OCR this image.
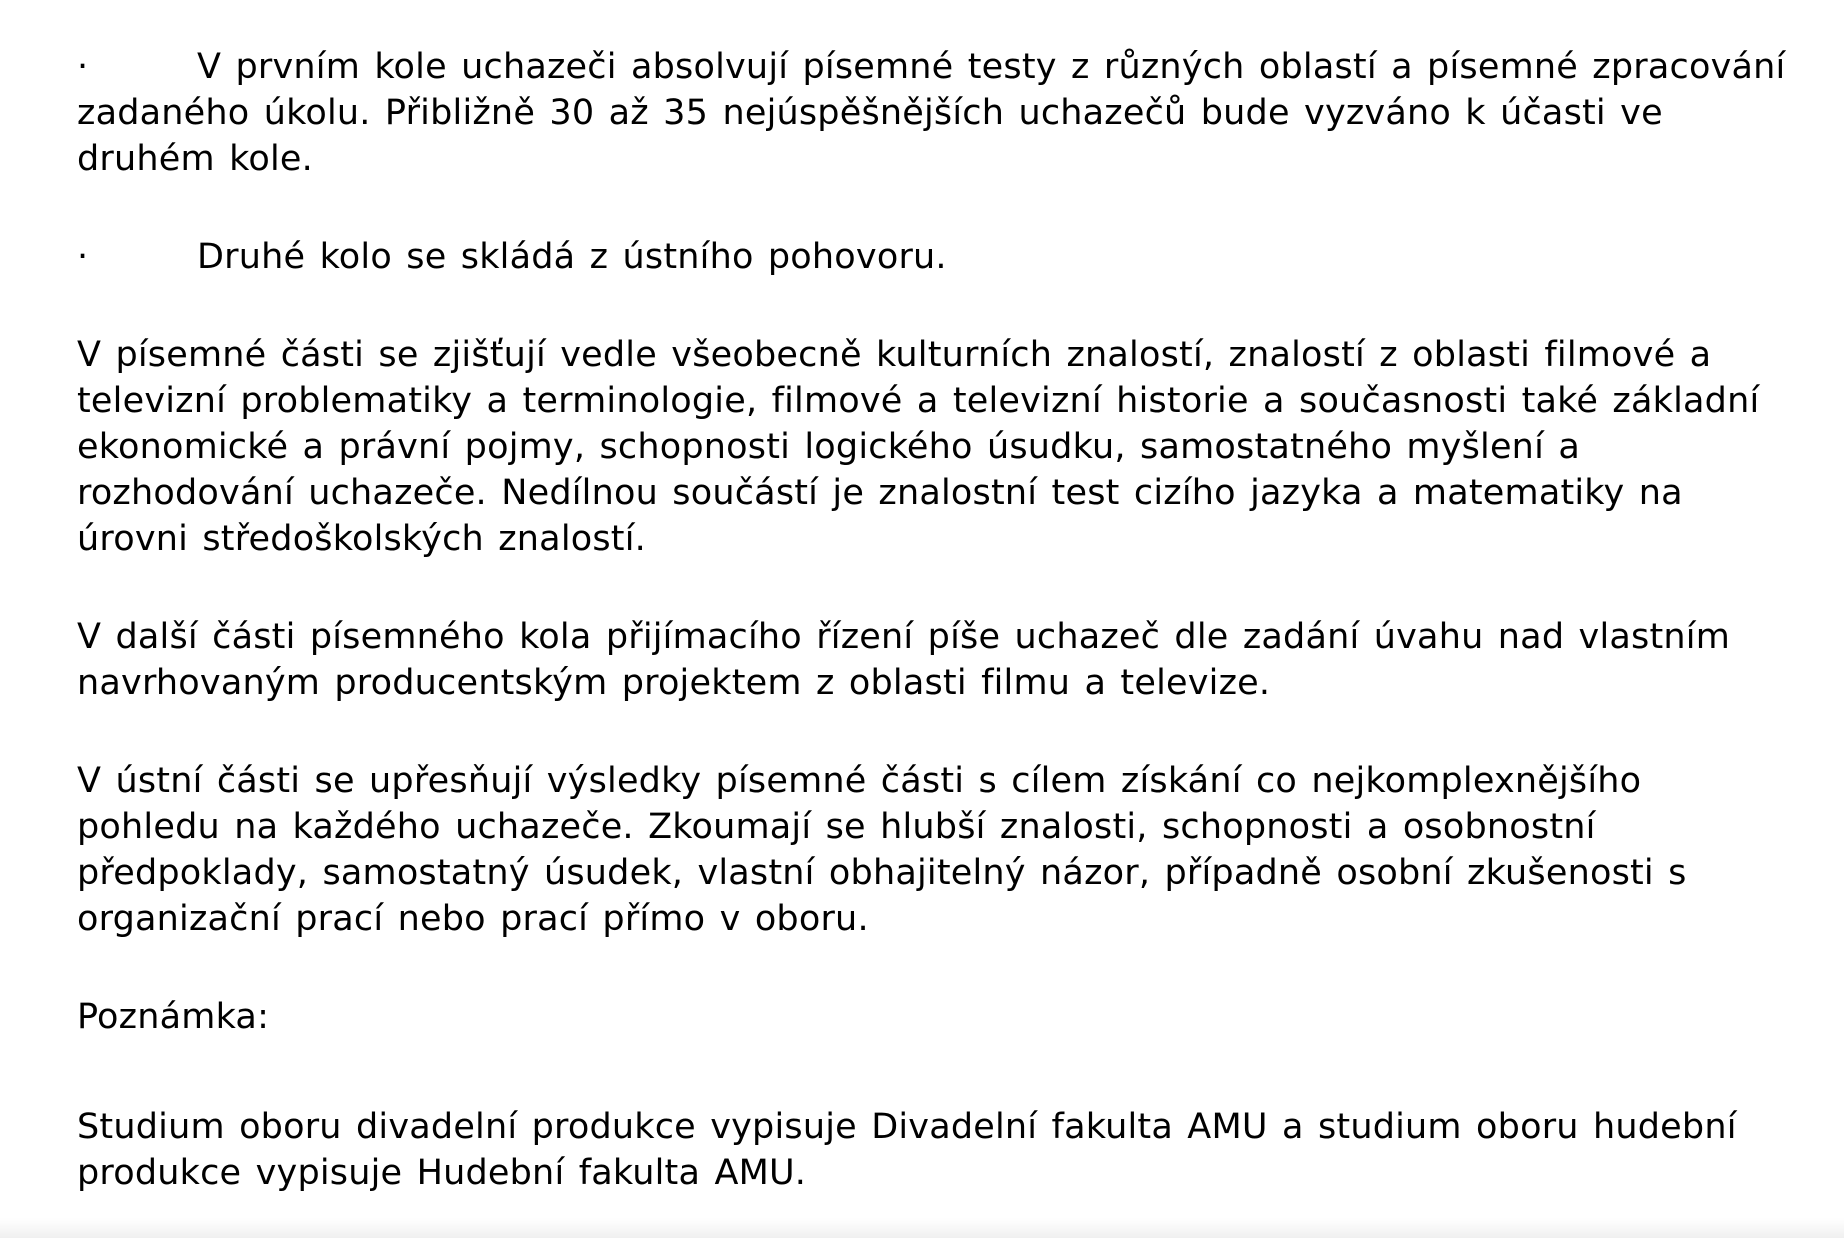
·	V prvním kole uchazeči absolvují písemné testy z různých oblastí a písemné zpracování zadaného úkolu. Přibližně 30 až 35 nejúspěšnějších uchazečů bude vyzváno k účasti ve druhém kole.

·	Druhé kolo se skládá z ústního pohovoru.

V písemné části se zjišťují vedle všeobecně kulturních znalostí, znalostí z oblasti filmové a televizní problematiky a terminologie, filmové a televizní historie a současnosti také základní ekonomické a právní pojmy, schopnosti logického úsudku, samostatného myšlení a rozhodování uchazeče. Nedílnou součástí je znalostní test cizího jazyka a matematiky na úrovni středoškolských znalostí.

V další části písemného kola přijímacího řízení píše uchazeč dle zadání úvahu nad vlastním navrhovaným producentským projektem z oblasti filmu a televize.

V ústní části se upřesňují výsledky písemné části s cílem získání co nejkomplexnějšího pohledu na každého uchazeče. Zkoumají se hlubší znalosti, schopnosti a osobnostní předpoklady, samostatný úsudek, vlastní obhajitelný názor, případně osobní zkušenosti s organizační prací nebo prací přímo v oboru.

Poznámka:

Studium oboru divadelní produkce vypisuje Divadelní fakulta AMU a studium oboru hudební produkce vypisuje Hudební fakulta AMU.
